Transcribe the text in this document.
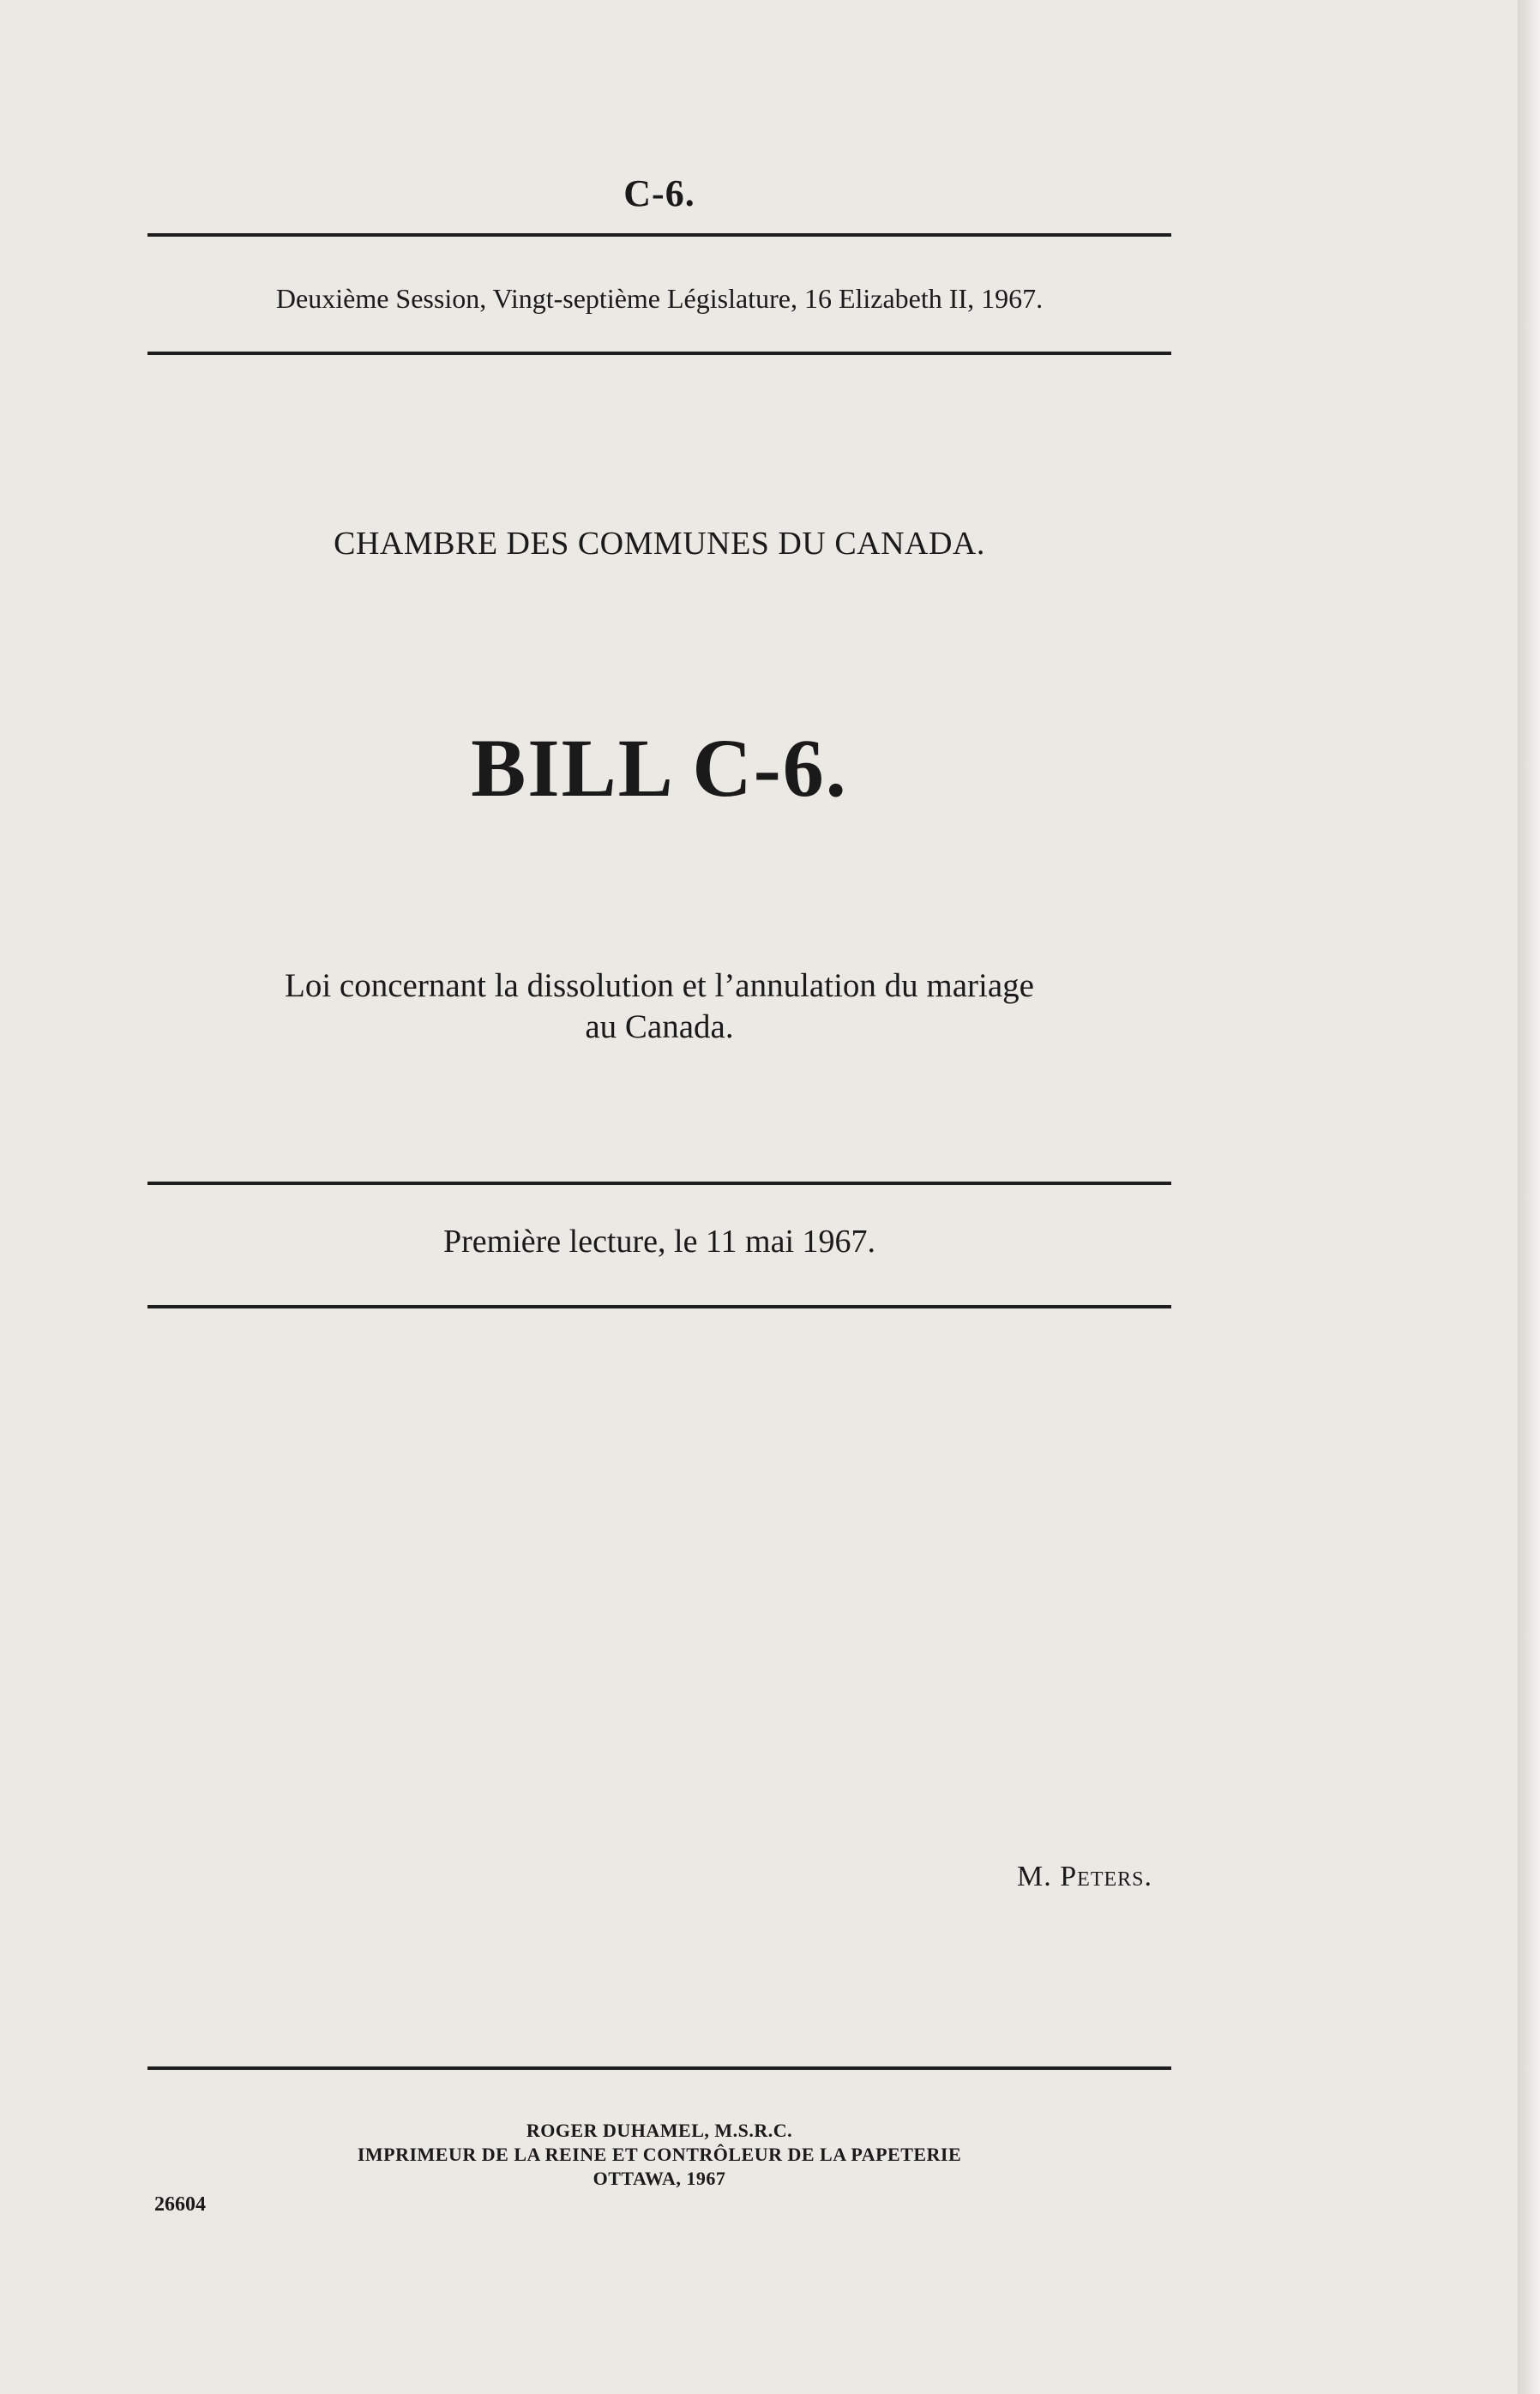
C-6.
Deuxième Session, Vingt-septième Législature, 16 Elizabeth II, 1967.
CHAMBRE DES COMMUNES DU CANADA.
BILL C-6.
Loi concernant la dissolution et l’annulation du mariage
au Canada.
Première lecture, le 11 mai 1967.
M. Peters.
ROGER DUHAMEL, M.S.R.C.
IMPRIMEUR DE LA REINE ET CONTRÔLEUR DE LA PAPETERIE
OTTAWA, 1967
26604
